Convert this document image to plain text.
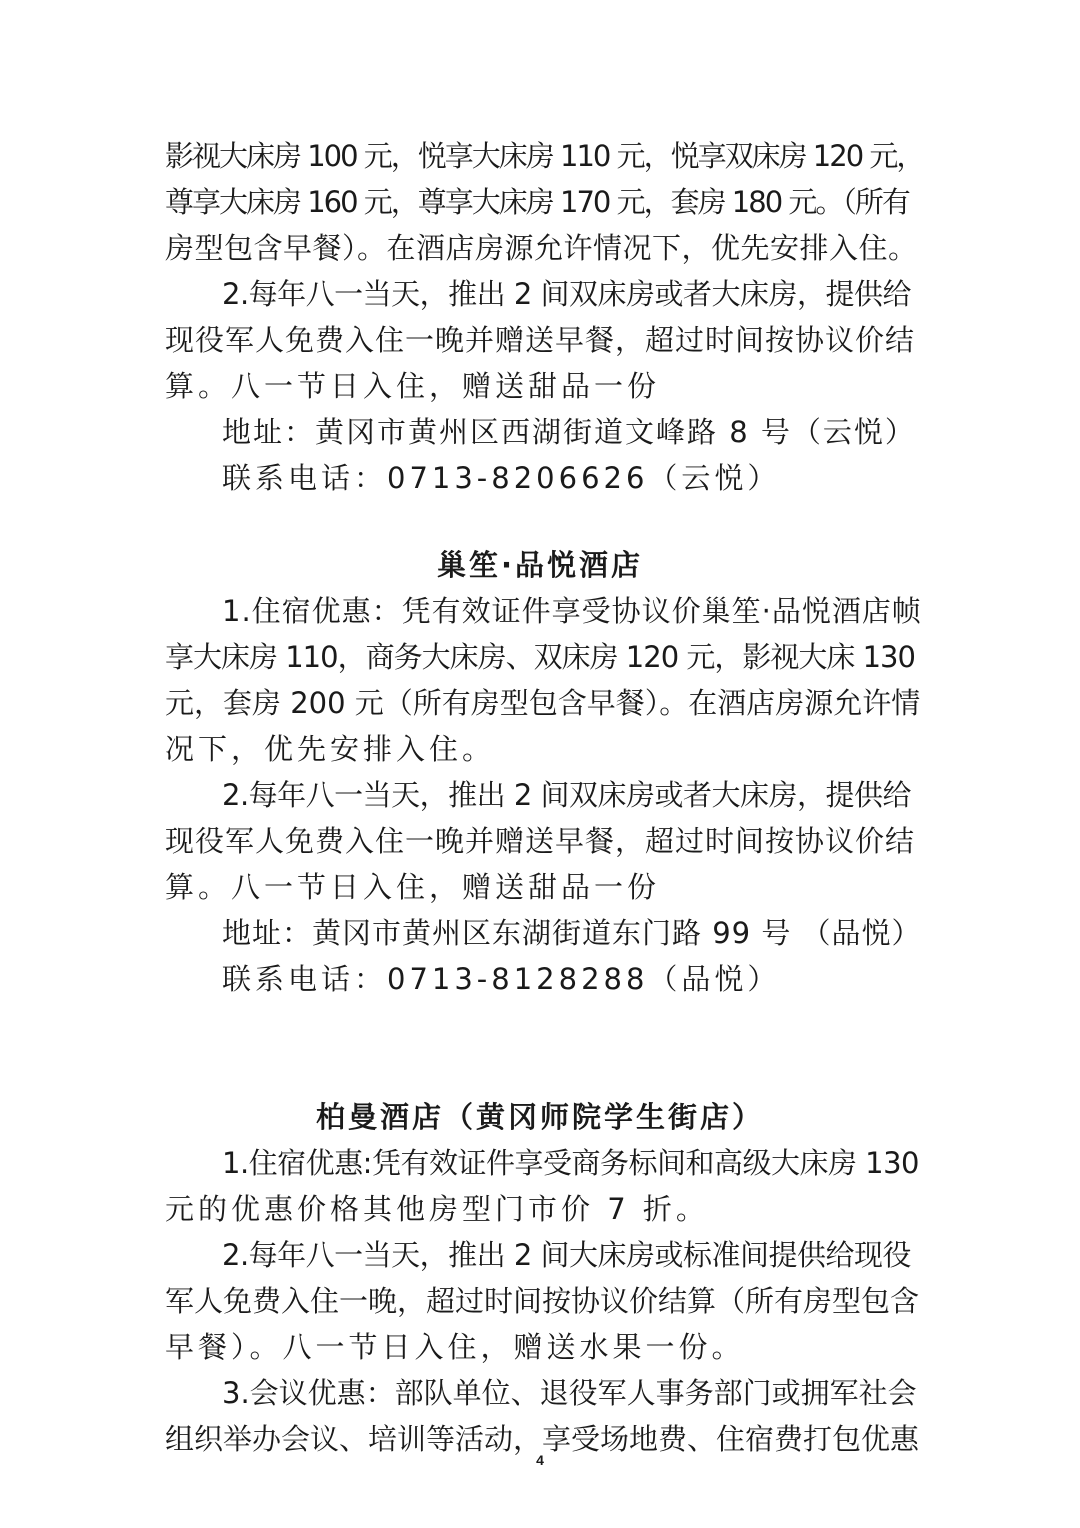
影视大床房 100 元，悦享大床房 110 元，悦享双床房 120 元，
尊享大床房 160 元，尊享大床房 170 元，套房 180 元。（所有
房型包含早餐）。在酒店房源允许情况下，优先安排入住。
2.每年八一当天，推出 2 间双床房或者大床房，提供给
现役军人免费入住一晚并赠送早餐，超过时间按协议价结
算。八一节日入住，赠送甜品一份
地址：黄冈市黄州区西湖街道文峰路 8 号（云悦）
联系电话：0713-8206626（云悦）
巢笙·品悦酒店
1.住宿优惠：凭有效证件享受协议价巢笙·品悦酒店帧
享大床房 110，商务大床房、双床房 120 元，影视大床 130
元，套房 200 元（所有房型包含早餐）。在酒店房源允许情
况下，优先安排入住。
2.每年八一当天，推出 2 间双床房或者大床房，提供给
现役军人免费入住一晚并赠送早餐，超过时间按协议价结
算。八一节日入住，赠送甜品一份
地址：黄冈市黄州区东湖街道东门路 99 号 （品悦）
联系电话：0713-8128288（品悦）
柏曼酒店（黄冈师院学生街店）
1.住宿优惠:凭有效证件享受商务标间和高级大床房 130
元的优惠价格其他房型门市价 7 折。
2.每年八一当天，推出 2 间大床房或标准间提供给现役
军人免费入住一晚，超过时间按协议价结算（所有房型包含
早餐）。八一节日入住，赠送水果一份。
3.会议优惠：部队单位、退役军人事务部门或拥军社会
组织举办会议、培训等活动，享受场地费、住宿费打包优惠
4
